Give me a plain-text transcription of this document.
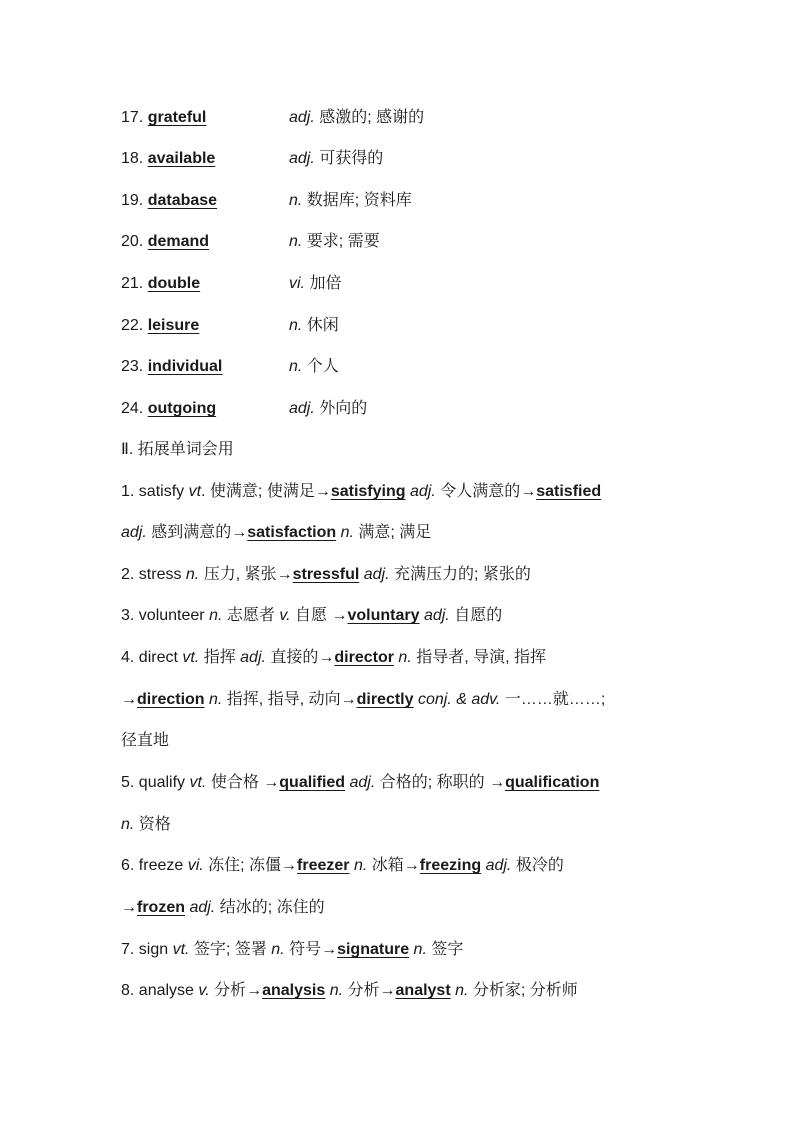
17. grateful	adj. 感激的; 感谢的
18. available	adj. 可获得的
19. database	n. 数据库; 资料库
20. demand	n. 要求; 需要
21. double	vi. 加倍
22. leisure	n. 休闲
23. individual	n. 个人
24. outgoing	adj. 外向的
Ⅱ. 拓展单词会用
1. satisfy vt. 使满意; 使满足→satisfying adj. 令人满意的→satisfied
adj. 感到满意的→satisfaction n. 满意; 满足
2. stress n. 压力, 紧张→stressful adj. 充满压力的; 紧张的
3. volunteer n. 志愿者 v. 自愿 →voluntary adj. 自愿的
4. direct vt. 指挥 adj. 直接的→director n. 指导者, 导演, 指挥
→direction n. 指挥, 指导, 动向→directly conj. & adv. 一……就……;
径直地
5. qualify vt. 使合格 →qualified adj. 合格的; 称职的 →qualification
n. 资格
6. freeze vi. 冻住; 冻僵→freezer n. 冰箱→freezing adj. 极冷的
→frozen adj. 结冰的; 冻住的
7. sign vt. 签字; 签署 n. 符号→signature n. 签字
8. analyse v. 分析→analysis n. 分析→analyst n. 分析家; 分析师
